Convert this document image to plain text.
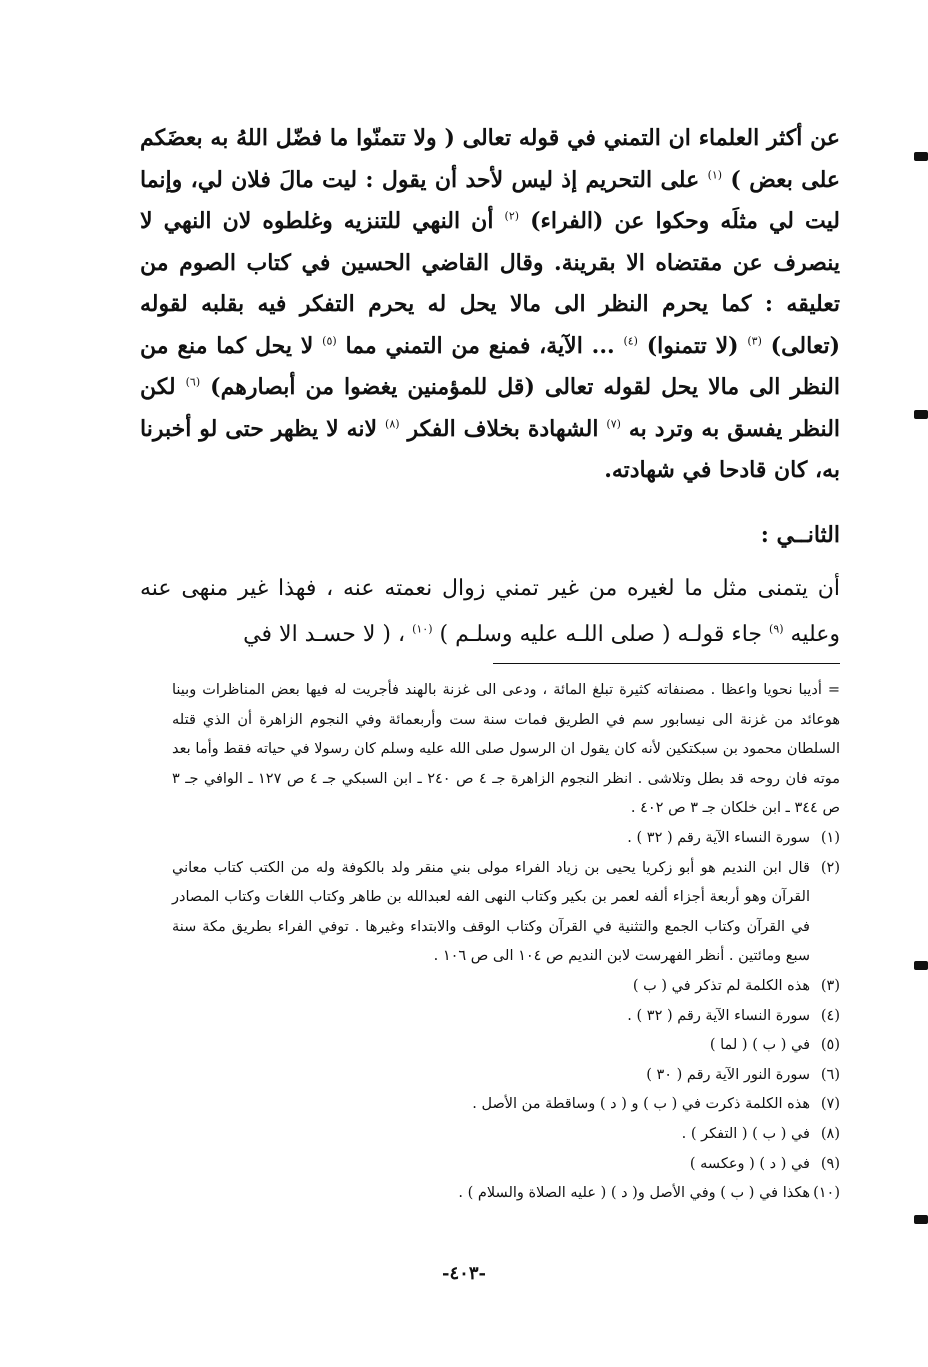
عن أكثر العلماء ان التمني في قوله تعالى ( ولا تتمنّوا ما فضّل اللهُ به بعضَكم على بعض ) $^{(١)}$ على التحريم إذ ليس لأحد أن يقول : ليت مالَ فلان لي، وإنما ليت لي مثلَه وحكوا عن (الفراء) $^{(٢)}$ أن النهي للتنزيه وغلطوه لان النهي لا ينصرف عن مقتضاه الا بقرينة. وقال القاضي الحسين في كتاب الصوم من تعليقه : كما يحرم النظر الى مالا يحل له يحرم التفكر فيه بقلبه لقوله (تعالى) $^{(٣)}$ (لا تتمنوا) $^{(٤)}$ ... الآية، فمنع من التمني مما $^{(٥)}$ لا يحل كما منع من النظر الى مالا يحل لقوله تعالى (قل للمؤمنين يغضوا من أبصارهم) $^{(٦)}$ لكن النظر يفسق به وترد به $^{(٧)}$ الشهادة بخلاف الفكر $^{(٨)}$ لانه لا يظهر حتى لو أخبرنا به، كان قادحا في شهادته.

الثانــي :

أن يتمنى مثل ما لغيره من غير تمني زوال نعمته عنه ، فهذا غير منهى عنه وعليه $^{(٩)}$ جاء قولـه ( صلى اللـه عليه وسلـم ) $^{(١٠)}$ ، ( لا حسـد الا في

= أديبا نحويا واعظا . مصنفاته كثيرة تبلغ المائة ، ودعى الى غزنة بالهند فأجريت له فيها بعض المناظرات وبينا هوعائد من غزنة الى نيسابور سم في الطريق فمات سنة ست وأربعمائة وفي النجوم الزاهرة أن الذي قتله السلطان محمود بن سبكتكين لأنه كان يقول ان الرسول صلى الله عليه وسلم كان رسولا في حياته فقط وأما بعد موته فان روحه قد بطل وتلاشى . انظر النجوم الزاهرة جـ ٤ ص ٢٤٠ ـ ابن السبكي جـ ٤ ص ١٢٧ ـ الوافي جـ ٣ ص ٣٤٤ ـ ابن خلكان جـ ٣ ص ٤٠٢ .

(١)
سورة النساء الآية رقم ( ٣٢ ) .
(٢)
قال ابن النديم هو أبو زكريا يحيى بن زياد الفراء مولى بني منقر ولد بالكوفة وله من الكتب كتاب معاني القرآن وهو أربعة أجزاء ألفه لعمر بن بكير وكتاب النهى الفه لعبدالله بن طاهر وكتاب اللغات وكتاب المصادر في القرآن وكتاب الجمع والتثنية في القرآن وكتاب الوقف والابتداء وغيرها . توفي الفراء بطريق مكة سنة سبع ومائتين . أنظر الفهرست لابن النديم ص ١٠٤ الى ص ١٠٦ .
(٣)
هذه الكلمة لم تذكر في ( ب )
(٤)
سورة النساء الآية رقم ( ٣٢ ) .
(٥)
في ( ب ) ( لما )
(٦)
سورة النور الآية رقم ( ٣٠ )
(٧)
هذه الكلمة ذكرت في ( ب ) و ( د ) وساقطة من الأصل .
(٨)
في ( ب ) ( التفكر ) .
(٩)
في ( د ) ( وعكسه )
(١٠)
هكذا في ( ب ) وفي الأصل و( د ) ( عليه الصلاة والسلام ) .
-٤٠٣-
